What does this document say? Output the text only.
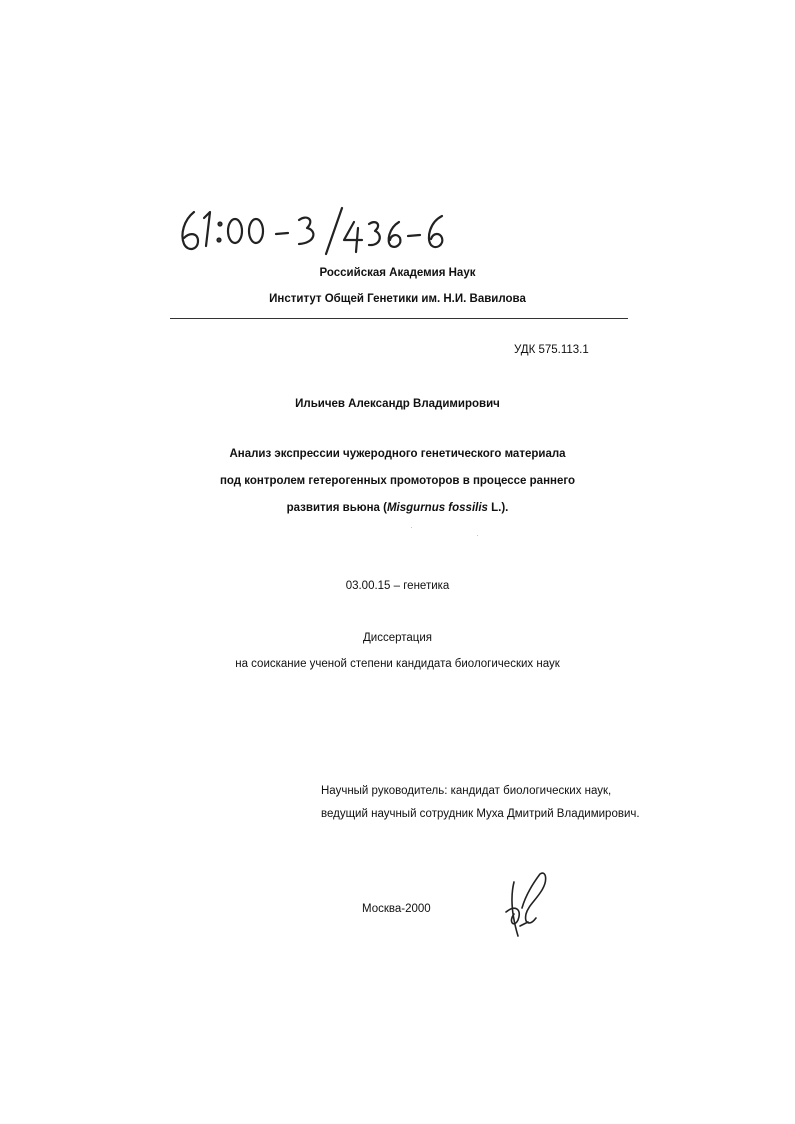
Российская Академия Наук
Институт Общей Генетики им. Н.И. Вавилова
УДК 575.113.1
Ильичев Александр Владимирович
Анализ экспрессии чужеродного генетического материала
под контролем гетерогенных промоторов в процессе раннего
развития вьюна (Misgurnus fossilis L.).
·
·
03.00.15 – генетика
Диссертация
на соискание ученой степени кандидата биологических наук
Научный руководитель: кандидат биологических наук,
ведущий научный сотрудник Муха Дмитрий Владимирович.
Москва-2000
